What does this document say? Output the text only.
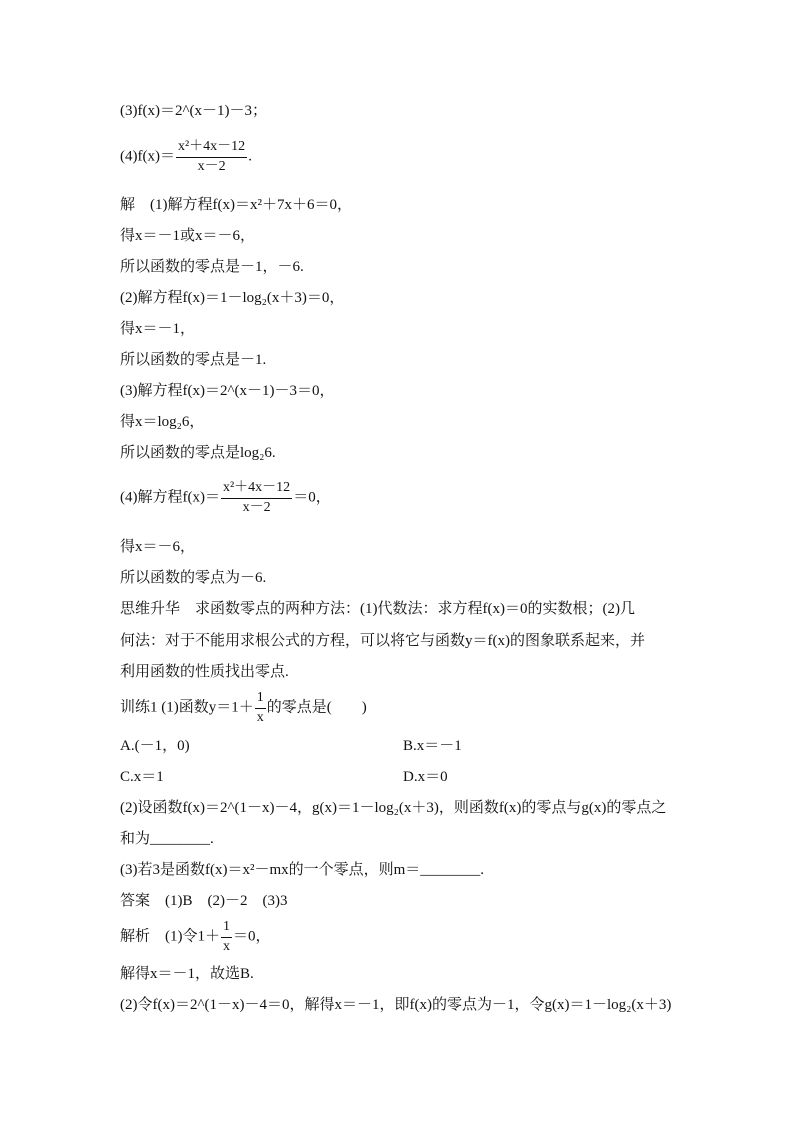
(3)f(x)＝2^(x－1)－3；
$(4)f(x)= \frac{\text{x²＋4x－12}}{x-2}$ .
解　(1)解方程f(x)＝x²＋7x＋6＝0，
得x＝－1或x＝－6，
所以函数的零点是－1，－6.
(2)解方程f(x)＝1－log₂(x＋3)＝0，
得x＝－1，
所以函数的零点是－1.
(3)解方程f(x)＝2^(x－1)－3＝0，
得x＝log₂6，
所以函数的零点是log₂6.
(4)解方程$f(x)= \frac{\text{x²＋4x－12}}{x-2} =0$，
得x＝－6，
所以函数的零点为－6.
思维升华　求函数零点的两种方法：(1)代数法：求方程f(x)＝0的实数根；(2)几
何法：对于不能用求根公式的方程，可以将它与函数y＝f(x)的图象联系起来，并
利用函数的性质找出零点.
训练1 (1)函数$y=1+ \frac{1}{x}$ 的零点是(　　)
A.(－1，0)	B.x＝－1
C.x＝1	D.x＝0
(2)设函数f(x)＝2^(1－x)－4，g(x)＝1－log₂(x＋3)，则函数f(x)的零点与g(x)的零点之
和为________.
(3)若3是函数f(x)＝x²－mx的一个零点，则m＝________.
答案　(1)B　(2)－2　(3)3
解析　(1)令$1+ \frac{1}{x} =0$，
解得x＝－1，故选B.
(2)令f(x)＝2^(1－x)－4＝0，解得x＝－1，即f(x)的零点为－1，令g(x)＝1－log₂(x＋3)
